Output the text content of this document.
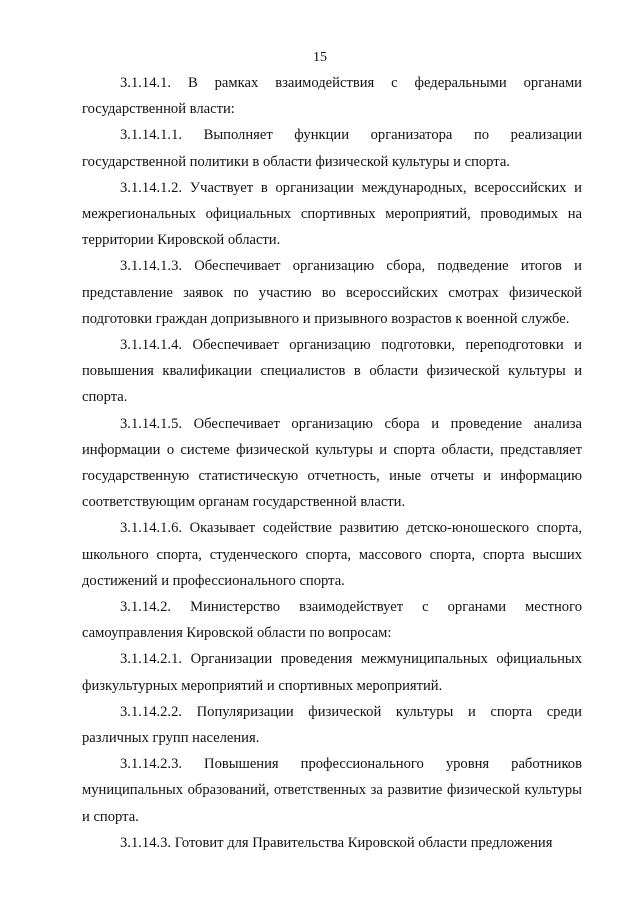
15

3.1.14.1. В рамках взаимодействия с федеральными органами государственной власти:

3.1.14.1.1. Выполняет функции организатора по реализации государственной политики в области физической культуры и спорта.

3.1.14.1.2. Участвует в организации международных, всероссийских и межрегиональных официальных спортивных мероприятий, проводимых на территории Кировской области.

3.1.14.1.3. Обеспечивает организацию сбора, подведение итогов и представление заявок по участию во всероссийских смотрах физической подготовки граждан допризывного и призывного возрастов к военной службе.

3.1.14.1.4. Обеспечивает организацию подготовки, переподготовки и повышения квалификации специалистов в области физической культуры и спорта.

3.1.14.1.5. Обеспечивает организацию сбора и проведение анализа информации о системе физической культуры и спорта области, представляет государственную статистическую отчетность, иные отчеты и информацию соответствующим органам государственной власти.

3.1.14.1.6. Оказывает содействие развитию детско-юношеского спорта, школьного спорта, студенческого спорта, массового спорта, спорта высших достижений и профессионального спорта.

3.1.14.2. Министерство взаимодействует с органами местного самоуправления Кировской области по вопросам:

3.1.14.2.1. Организации проведения межмуниципальных официальных физкультурных мероприятий и спортивных мероприятий.

3.1.14.2.2. Популяризации физической культуры и спорта среди различных групп населения.

3.1.14.2.3. Повышения профессионального уровня работников муниципальных образований, ответственных за развитие физической культуры и спорта.

3.1.14.3. Готовит для Правительства Кировской области предложения
